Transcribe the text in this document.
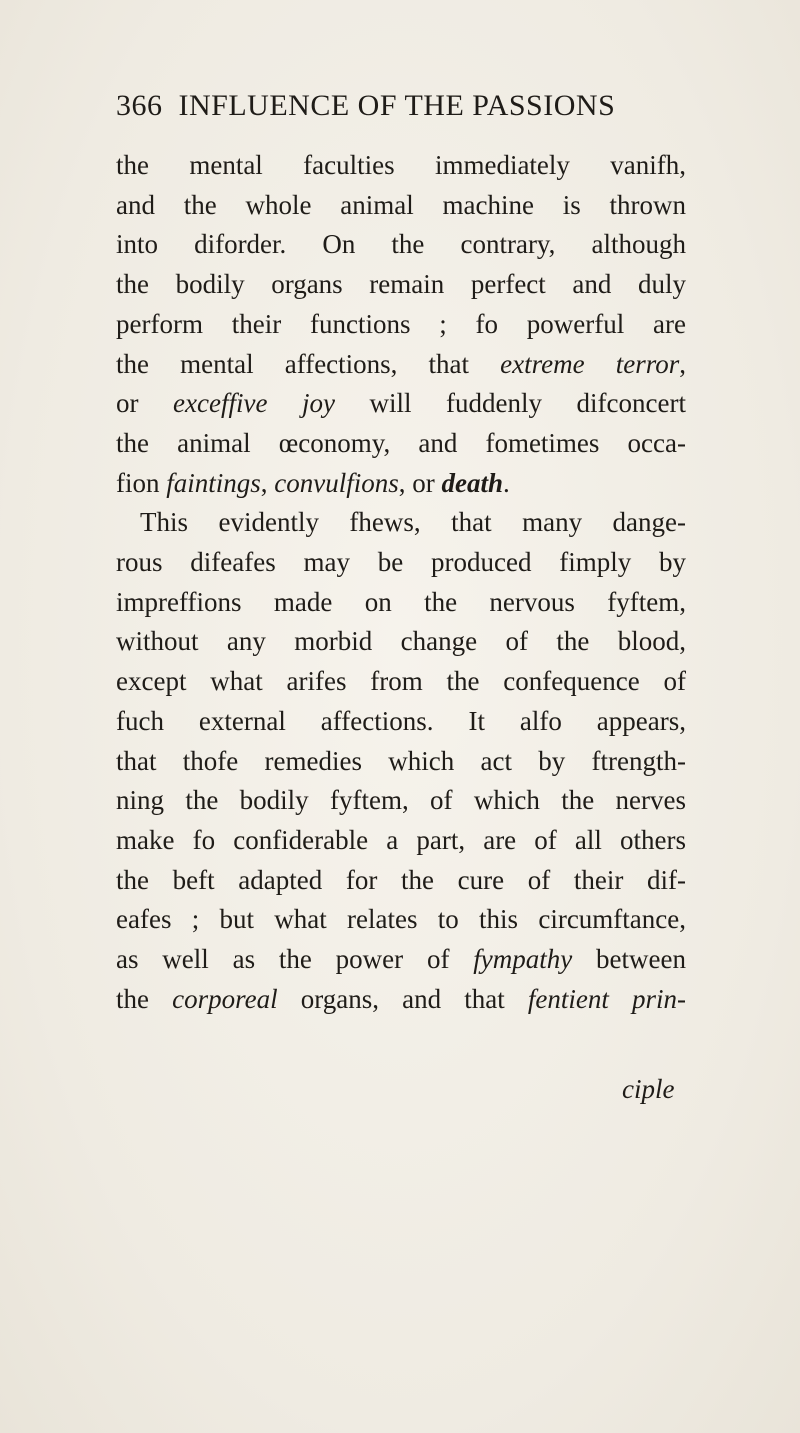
366 INFLUENCE OF THE PASSIONS
the mental faculties immediately vanifh,
and the whole animal machine is thrown
into diforder. On the contrary, although
the bodily organs remain perfect and duly
perform their functions ; fo powerful are
the mental affections, that extreme terror,
or exceffive joy will fuddenly difconcert
the animal œconomy, and fometimes occa-
fion faintings, convulfions, or death.
This evidently fhews, that many dange-
rous difeafes may be produced fimply by
impreffions made on the nervous fyftem,
without any morbid change of the blood,
except what arifes from the confequence of
fuch external affections. It alfo appears,
that thofe remedies which act by ftrength-
ning the bodily fyftem, of which the nerves
make fo confiderable a part, are of all others
the beft adapted for the cure of their dif-
eafes ; but what relates to this circumftance,
as well as the power of fympathy between
the corporeal organs, and that fentient prin-
ciple
